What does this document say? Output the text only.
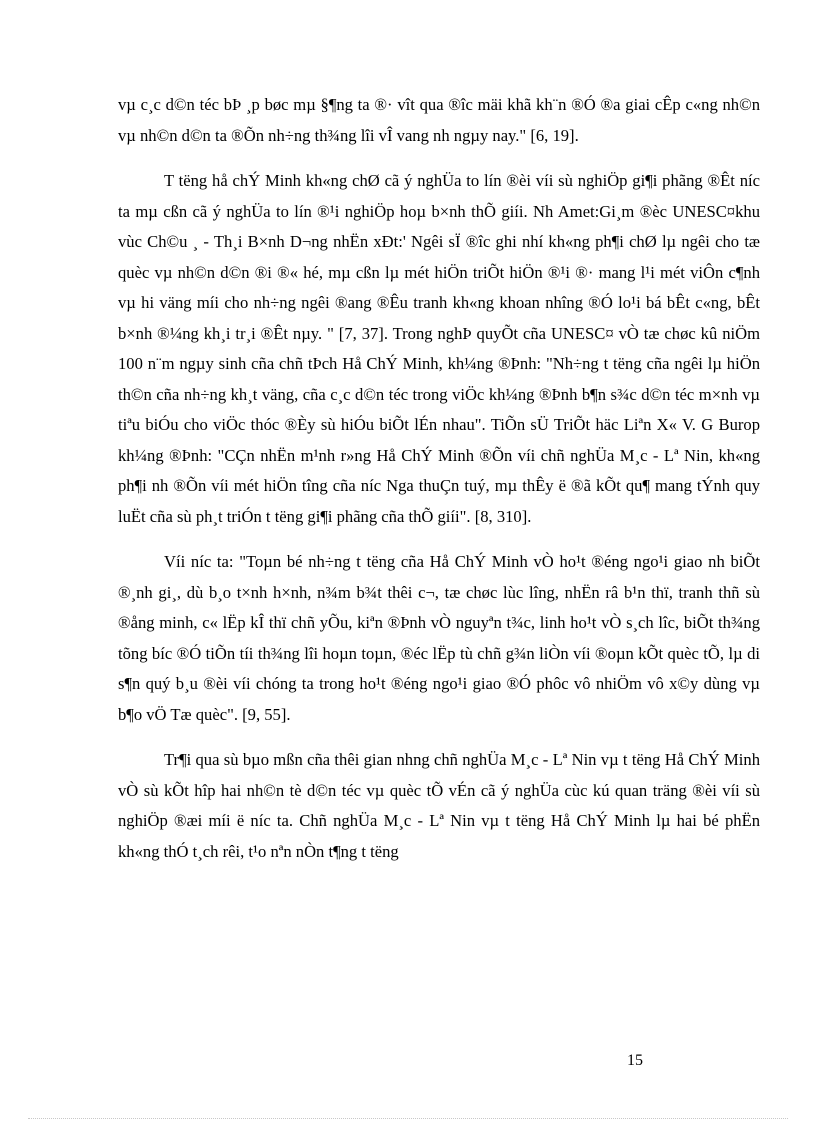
vµ c¸c d©n téc bÞ ¸p bøc mµ §¶ng ta ®· vît qua ®îc mäi khã kh¨n ®Ó ®a giai cÊp c«ng nh©n vµ nh©n d©n ta ®Õn nh÷ng th¾ng lîi vÎ vang nh ngµy nay." [6, 19].

T tëng hå chÝ Minh kh«ng chØ cã ý nghÜa to lín ®èi víi sù nghiÖp gi¶i phãng ®Êt níc ta mµ cßn cã ý nghÜa to lín ®¹i nghiÖp hoµ b×nh thÕ giíi. Nh Amet:Gi¸m ®èc UNESC¤khu vùc Ch©u ¸ - Th¸i B×nh D¬ng nhËn xÐt:' Ngêi sÏ ®îc ghi nhí kh«ng ph¶i chØ lµ ngêi cho tæ quèc vµ nh©n d©n ®i ®« hé, mµ cßn lµ mét hiÖn triÕt hiÖn ®¹i ®· mang l¹i mét viÔn c¶nh vµ hi väng míi cho nh÷ng ngêi ®ang ®Êu tranh kh«ng khoan nhîng ®Ó lo¹i bá bÊt c«ng, bÊt b×nh ®¼ng kh¸i tr¸i ®Êt nµy. " [7, 37]. Trong nghÞ quyÕt cña UNESC¤ vÒ tæ chøc kû niÖm 100 n¨m ngµy sinh cña chñ tÞch Hå ChÝ Minh, kh¼ng ®Þnh: "Nh÷ng t tëng cña ngêi lµ hiÖn th©n cña nh÷ng kh¸t väng, cña c¸c d©n téc trong viÖc kh¼ng ®Þnh b¶n s¾c d©n téc m×nh vµ tiªu biÓu cho viÖc thóc ®Èy sù hiÓu biÕt lÉn nhau". TiÕn sÜ TriÕt häc Liªn X« V. G Burop kh¼ng ®Þnh: "CÇn nhËn m¹nh r»ng Hå ChÝ Minh ®Õn víi chñ nghÜa M¸c - Lª Nin, kh«ng ph¶i nh ®Õn víi mét hiÖn tîng cña níc Nga thuÇn tuý, mµ thÊy ë ®ã kÕt qu¶ mang tÝnh quy luËt cña sù ph¸t triÓn t tëng gi¶i phãng cña thÕ giíi". [8, 310].

Víi níc ta: "Toµn bé nh÷ng t tëng cña Hå ChÝ Minh vÒ ho¹t ®éng ngo¹i giao nh biÕt ®¸nh gi¸, dù b¸o t×nh h×nh, n¾m b¾t thêi c¬, tæ chøc lùc lîng, nhËn râ b¹n thï, tranh thñ sù ®ång minh, c« lËp kÎ thï chñ yÕu, kiªn ®Þnh vÒ nguyªn t¾c, linh ho¹t vÒ s¸ch lîc, biÕt th¾ng tõng bíc ®Ó tiÕn tíi th¾ng lîi hoµn toµn, ®éc lËp tù chñ g¾n liÒn víi ®oµn kÕt quèc tÕ, lµ di s¶n quý b¸u ®èi víi chóng ta trong ho¹t ®éng ngo¹i giao ®Ó phôc vô nhiÖm vô x©y dùng vµ b¶o vÖ Tæ quèc". [9, 55].

Tr¶i qua sù bµo mßn cña thêi gian nhng chñ nghÜa M¸c - Lª Nin vµ t tëng Hå ChÝ Minh vÒ sù kÕt hîp hai nh©n tè d©n téc vµ quèc tÕ vÉn cã ý nghÜa cùc kú quan träng ®èi víi sù nghiÖp ®æi míi ë níc ta. Chñ nghÜa M¸c - Lª Nin vµ t tëng Hå ChÝ Minh lµ hai bé phËn kh«ng thÓ t¸ch rêi, t¹o nªn nÒn t¶ng t tëng

15
